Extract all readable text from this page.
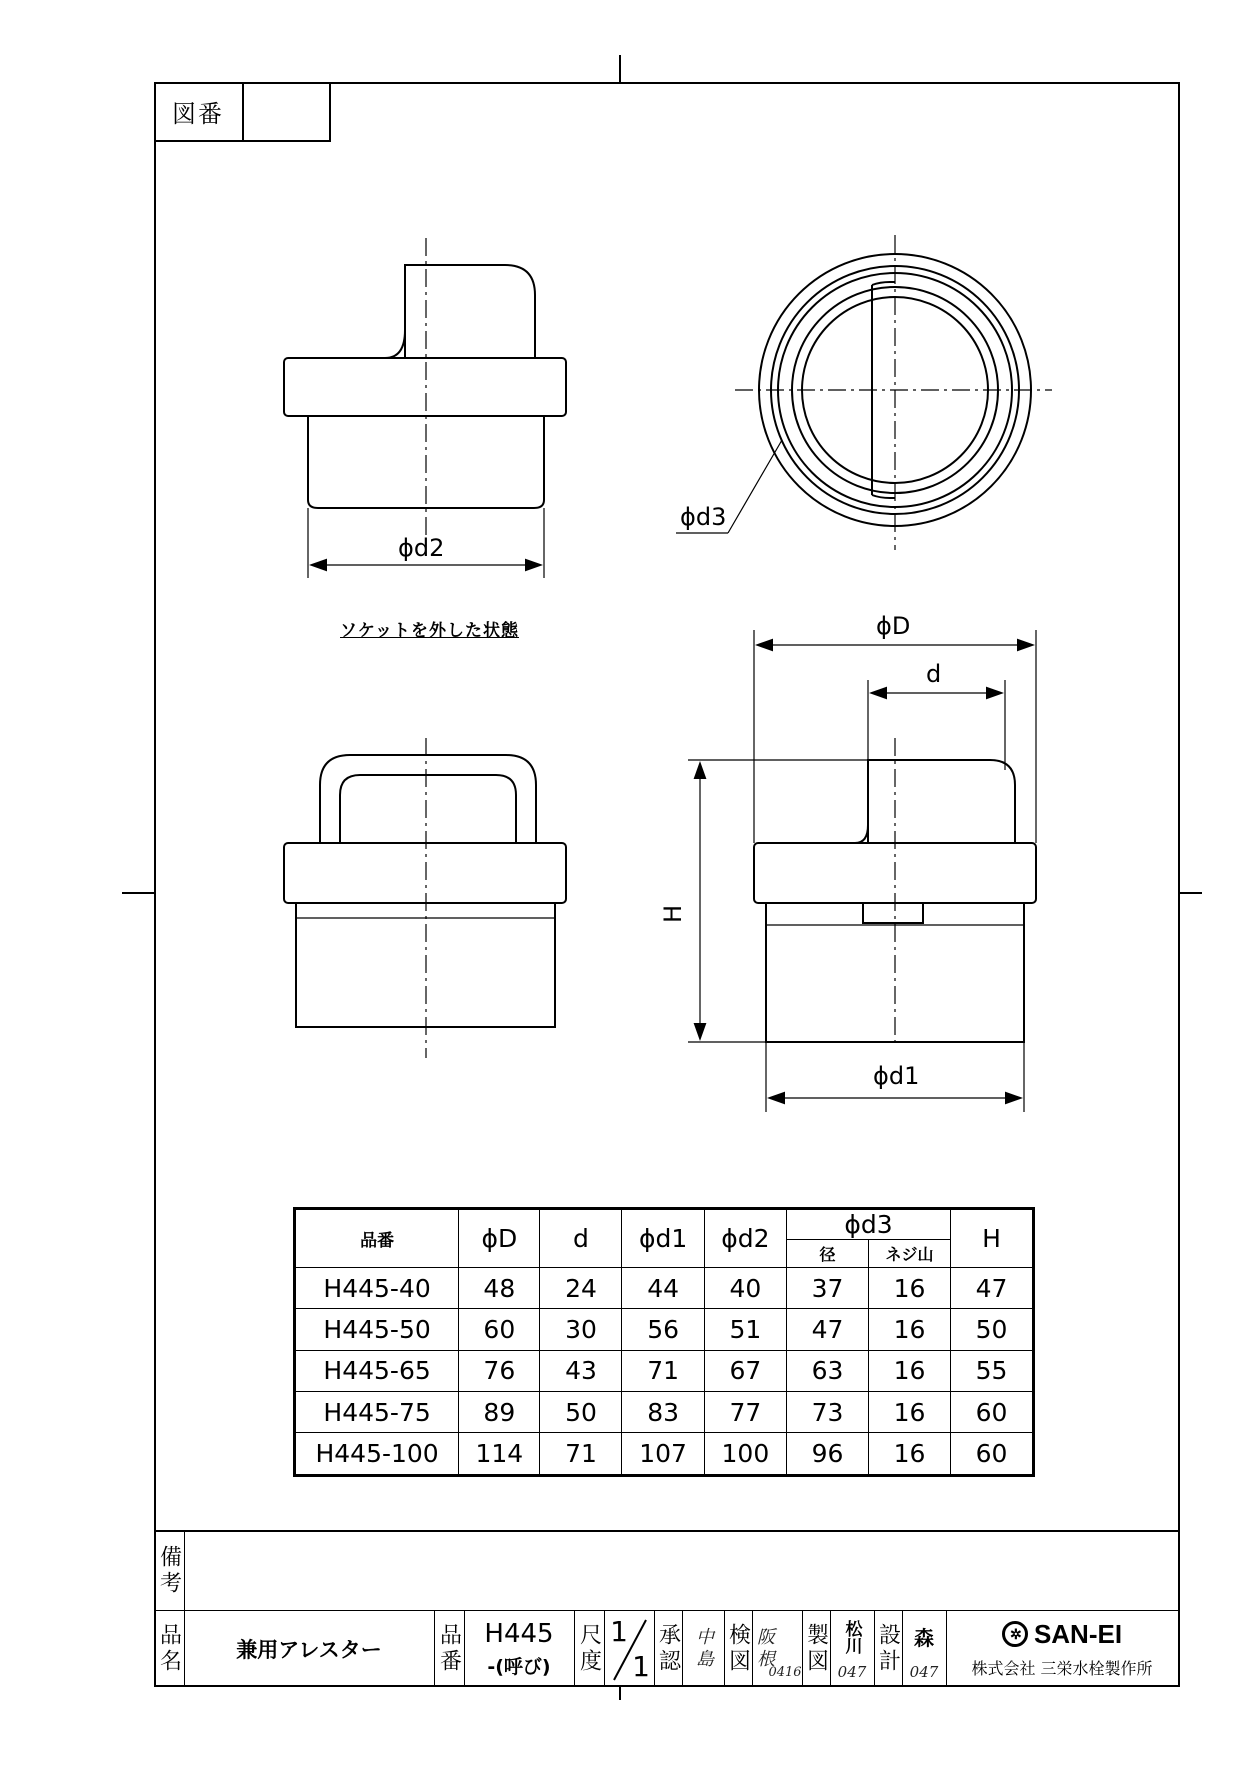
図番
ϕd2
ϕd3
ϕD
d
H
ϕd1
ソケットを外した状態
品番	ϕD	d	ϕd1	ϕd2	ϕd3		H
					径	ネジ山	
H445-40	48	24	44	40	37	16	47
H445-50	60	30	56	51	47	16	50
H445-65	76	43	71	67	63	16	55
H445-75	89	50	83	77	73	16	60
H445-100	114	71	107	100	96	16	60
備考
品名	兼用アレスター	品番 H445
-(呼び)	尺度 1
1 承認 中島 検図 阪根
0416 製図 松川
047 設計 森
047
✲ SAN-EI
株式会社 三栄水栓製作所
